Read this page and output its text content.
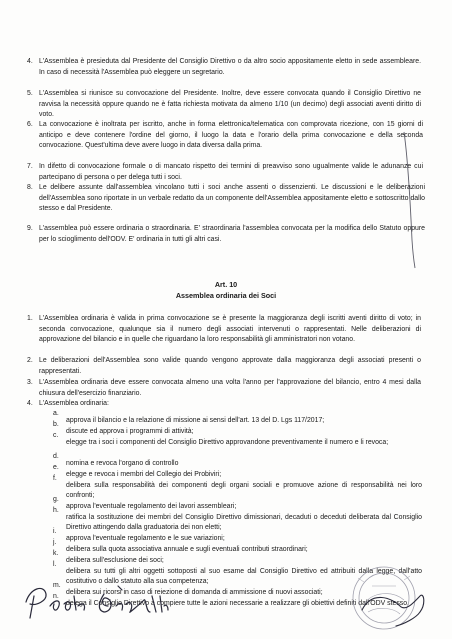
4. L'Assemblea è presieduta dal Presidente del Consiglio Direttivo o da altro socio appositamente eletto in sede assembleare. In caso di necessità l'Assemblea può eleggere un segretario.

5. L'Assemblea si riunisce su convocazione del Presidente. Inoltre, deve essere convocata quando il Consiglio Direttivo ne ravvisa la necessità oppure quando ne è fatta richiesta motivata da almeno 1/10 (un decimo) degli associati aventi diritto di voto.

6. La convocazione è inoltrata per iscritto, anche in forma elettronica/telematica con comprovata ricezione, con 15 giorni di anticipo e deve contenere l'ordine del giorno, il luogo la data e l'orario della prima convocazione e della seconda convocazione. Quest'ultima deve avere luogo in data diversa dalla prima.

7. In difetto di convocazione formale o di mancato rispetto dei termini di preavviso sono ugualmente valide le adunanze cui partecipano di persona o per delega tutti i soci.

8. Le delibere assunte dall'assemblea vincolano tutti i soci anche assenti o dissenzienti. Le discussioni e le deliberazioni dell'Assemblea sono riportate in un verbale redatto da un componente dell'Assemblea appositamente eletto e sottoscritto dallo stesso e dal Presidente.

9. L'assemblea può essere ordinaria o straordinaria. E' straordinaria l'assemblea convocata per la modifica dello Statuto oppure per lo scioglimento dell'ODV. E' ordinaria in tutti gli altri casi.

Art. 10
Assemblea ordinaria dei Soci
1. L'Assemblea ordinaria è valida in prima convocazione se è presente la maggioranza degli iscritti aventi diritto di voto; in seconda convocazione, qualunque sia il numero degli associati intervenuti o rappresentati. Nelle deliberazioni di approvazione del bilancio e in quelle che riguardano la loro responsabilità gli amministratori non votano.

2. Le deliberazioni dell'Assemblea sono valide quando vengono approvate dalla maggioranza degli associati presenti o rappresentati.

3. L'Assemblea ordinaria deve essere convocata almeno una volta l'anno per l'approvazione del bilancio, entro 4 mesi dalla chiusura dell'esercizio finanziario.

4. L'Assemblea ordinaria:

a.

approva il bilancio e la relazione di missione ai sensi dell'art. 13 del D. Lgs 117/2017;

b.

discute ed approva i programmi di attività;

c.

elegge tra i soci i componenti del Consiglio Direttivo approvandone preventivamente il numero e li revoca;

d.

nomina e revoca l'organo di controllo

e.

elegge e revoca i membri del Collegio dei Probiviri;

f.

delibera sulla responsabilità dei componenti degli organi sociali e promuove azione di responsabilità nei loro confronti;

g.

approva l'eventuale regolamento dei lavori assembleari;

h.

ratifica la sostituzione dei membri del Consiglio Direttivo dimissionari, decaduti o deceduti deliberata dal Consiglio Direttivo attingendo dalla graduatoria dei non eletti;

i.

approva l'eventuale regolamento e le sue variazioni;

j.

delibera sulla quota associativa annuale e sugli eventuali contributi straordinari;

k.

delibera sull'esclusione dei soci;

l.

delibera su tutti gli altri oggetti sottoposti al suo esame dal Consiglio Direttivo ed attribuiti dalla legge, dall'atto costitutivo o dallo statuto alla sua competenza;

m.

delibera sui ricorsi in caso di reiezione di domanda di ammissione di nuovi associati;

n.

delega il Consiglio Direttivo a compiere tutte le azioni necessarie a realizzare gli obiettivi definiti dall'ODV stesso.
